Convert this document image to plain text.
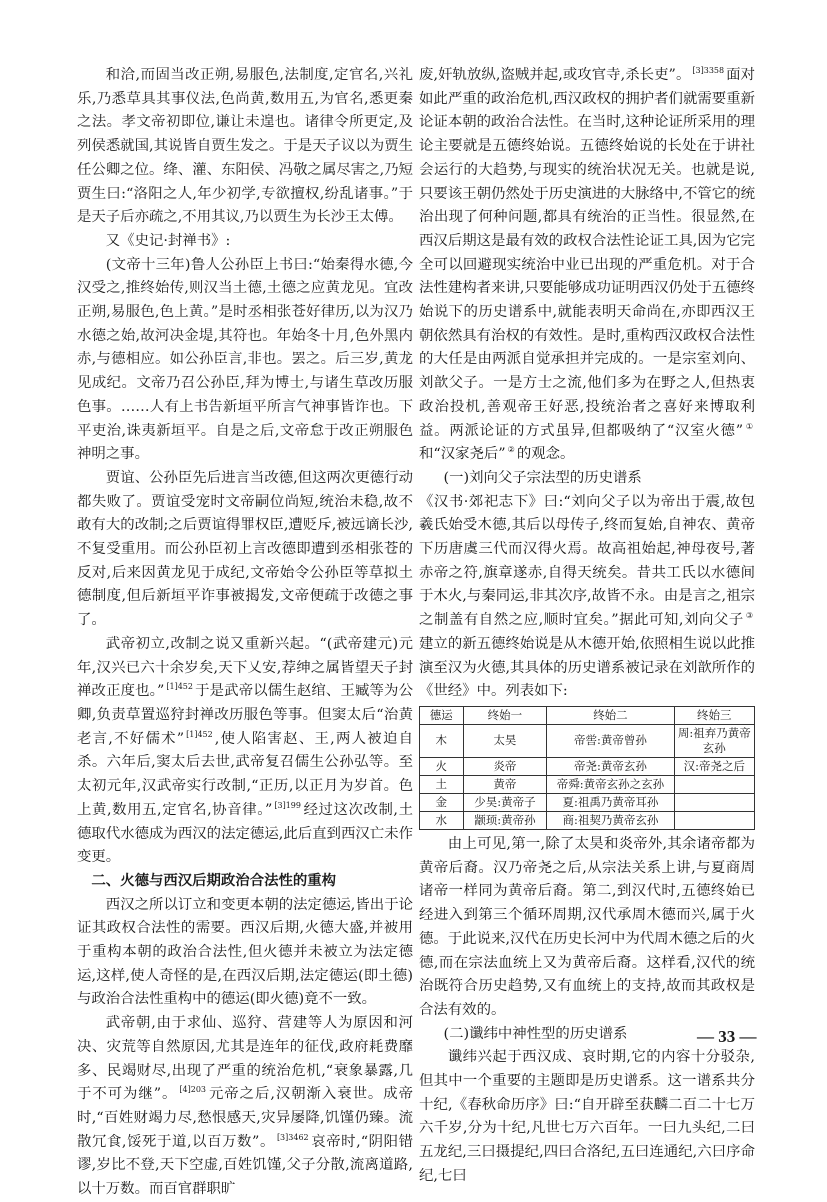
和洽,而固当改正朔,易服色,法制度,定官名,兴礼乐,乃悉草具其事仪法,色尚黄,数用五,为官名,悉更秦之法。孝文帝初即位,谦让未遑也。诸律令所更定,及列侯悉就国,其说皆自贾生发之。于是天子议以为贾生任公卿之位。绛、灌、东阳侯、冯敬之属尽害之,乃短贾生曰:“洛阳之人,年少初学,专欲擅权,纷乱诸事。”于是天子后亦疏之,不用其议,乃以贾生为长沙王太傅。

又《史记·封禅书》:

(文帝十三年)鲁人公孙臣上书曰:“始秦得水德,今汉受之,推终始传,则汉当土德,土德之应黄龙见。宜改正朔,易服色,色上黄。”是时丞相张苍好律历,以为汉乃水德之始,故河决金堤,其符也。年始冬十月,色外黑内赤,与德相应。如公孙臣言,非也。罢之。后三岁,黄龙见成纪。文帝乃召公孙臣,拜为博士,与诸生草改历服色事。……人有上书告新垣平所言气神事皆诈也。下平吏治,诛夷新垣平。自是之后,文帝怠于改正朔服色神明之事。

贾谊、公孙臣先后进言当改德,但这两次更德行动都失败了。贾谊受宠时文帝嗣位尚短,统治未稳,故不敢有大的改制;之后贾谊得罪权臣,遭贬斥,被远谪长沙,不复受重用。而公孙臣初上言改德即遭到丞相张苍的反对,后来因黄龙见于成纪,文帝始令公孙臣等草拟土德制度,但后新垣平诈事被揭发,文帝便疏于改德之事了。

武帝初立,改制之说又重新兴起。“(武帝建元)元年,汉兴已六十余岁矣,天下乂安,荐绅之属皆望天子封禅改正度也。” $^{[1]452}$ 于是武帝以儒生赵绾、王臧等为公卿,负责草置巡狩封禅改历服色等事。但窦太后“治黄老言,不好儒术” $^{[1]452}$ ,使人陷害赵、王,两人被迫自杀。六年后,窦太后去世,武帝复召儒生公孙弘等。至太初元年,汉武帝实行改制,“正历,以正月为岁首。色上黄,数用五,定官名,协音律。” $^{[3]199}$ 经过这次改制,土德取代水德成为西汉的法定德运,此后直到西汉亡未作变更。

二、火德与西汉后期政治合法性的重构

西汉之所以订立和变更本朝的法定德运,皆出于论证其政权合法性的需要。西汉后期,火德大盛,并被用于重构本朝的政治合法性,但火德并未被立为法定德运,这样,使人奇怪的是,在西汉后期,法定德运(即土德)与政治合法性重构中的德运(即火德)竟不一致。

武帝朝,由于求仙、巡狩、营建等人为原因和河决、灾荒等自然原因,尤其是连年的征伐,政府耗费靡多、民竭财尽,出现了严重的统治危机,“衰象暴露,几于不可为继”。 $^{[4]203}$ 元帝之后,汉朝渐入衰世。成帝时,“百姓财竭力尽,愁恨感天,灾异屡降,饥馑仍臻。流散冗食,馁死于道,以百万数”。 $^{[3]3462}$ 哀帝时,“阴阳错谬,岁比不登,天下空虚,百姓饥馑,父子分散,流离道路,以十万数。而百官群职旷

废,奸轨放纵,盗贼并起,或攻官寺,杀长吏”。 $^{[3]3358}$ 面对如此严重的政治危机,西汉政权的拥护者们就需要重新论证本朝的政治合法性。在当时,这种论证所采用的理论主要就是五德终始说。五德终始说的长处在于讲社会运行的大趋势,与现实的统治状况无关。也就是说,只要该王朝仍然处于历史演进的大脉络中,不管它的统治出现了何种问题,都具有统治的正当性。很显然,在西汉后期这是最有效的政权合法性论证工具,因为它完全可以回避现实统治中业已出现的严重危机。对于合法性建构者来讲,只要能够成功证明西汉仍处于五德终始说下的历史谱系中,就能表明天命尚在,亦即西汉王朝依然具有治权的有效性。是时,重构西汉政权合法性的大任是由两派自觉承担并完成的。一是宗室刘向、刘歆父子。一是方士之流,他们多为在野之人,但热衷政治投机,善观帝王好恶,投统治者之喜好来博取利益。两派论证的方式虽异,但都吸纳了“汉室火德” ①和“汉家尧后” ② 的观念。

(一)刘向父子宗法型的历史谱系

《汉书·郊祀志下》曰:“刘向父子以为帝出于震,故包羲氏始受木德,其后以母传子,终而复始,自神农、黄帝下历唐虞三代而汉得火焉。故高祖始起,神母夜号,著赤帝之符,旗章遂赤,自得天统矣。昔共工氏以水德间于木火,与秦同运,非其次序,故皆不永。由是言之,祖宗之制盖有自然之应,顺时宜矣。”据此可知,刘向父子 ③建立的新五德终始说是从木德开始,依照相生说以此推演至汉为火德,其具体的历史谱系被记录在刘歆所作的《世经》中。列表如下:

德运	终始一	终始二	终始三
木	太昊	帝喾:黄帝曾孙	周:祖弃乃黄帝玄孙
火	炎帝	帝尧:黄帝玄孙	汉:帝尧之后
土	黄帝	帝舜:黄帝玄孙之玄孙	
金	少昊:黄帝子	夏:祖禹乃黄帝耳孙	
水	颛顼:黄帝孙	商:祖契乃黄帝玄孙	

由上可见,第一,除了太昊和炎帝外,其余诸帝都为黄帝后裔。汉乃帝尧之后,从宗法关系上讲,与夏商周诸帝一样同为黄帝后裔。第二,到汉代时,五德终始已经进入到第三个循环周期,汉代承周木德而兴,属于火德。于此说来,汉代在历史长河中为代周木德之后的火德,而在宗法血统上又为黄帝后裔。这样看,汉代的统治既符合历史趋势,又有血统上的支持,故而其政权是合法有效的。

(二)谶纬中神性型的历史谱系

谶纬兴起于西汉成、哀时期,它的内容十分驳杂,但其中一个重要的主题即是历史谱系。这一谱系共分十纪,《春秋命历序》曰:“自开辟至获麟二百二十七万六千岁,分为十纪,凡世七万六百年。一曰九头纪,二曰五龙纪,三曰摄提纪,四曰合洛纪,五曰连通纪,六曰序命纪,七曰

— 33 —
